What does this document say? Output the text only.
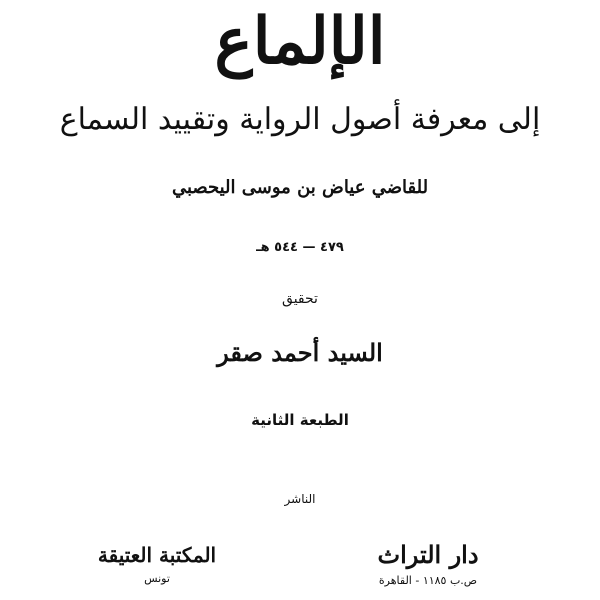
الإلماع
إلى معرفة أصول الرواية وتقييد السماع
للقاضي عياض بن موسى اليحصبي
٤٧٩ — ٥٤٤ هـ
تحقيق
السيد أحمد صقر
الطبعة الثانية
الناشر
دار التراث
ص.ب ١١٨٥ - القاهرة
المكتبة العتيقة
تونس
